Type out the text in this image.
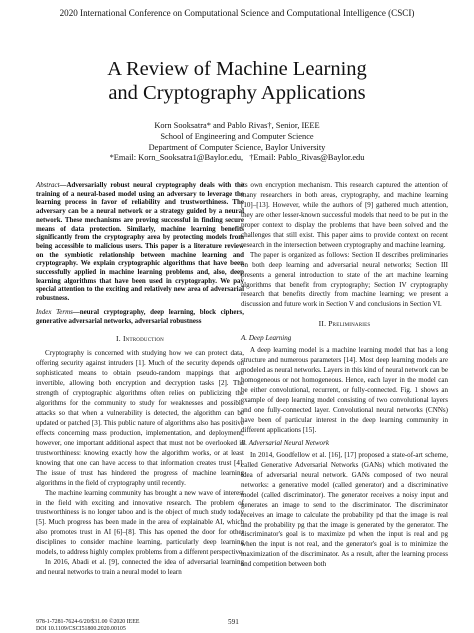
2020 International Conference on Computational Science and Computational Intelligence (CSCI)
A Review of Machine Learning
and Cryptography Applications
Korn Sooksatra* and Pablo Rivas†, Senior, IEEE
School of Engineering and Computer Science
Department of Computer Science, Baylor University
*Email: Korn_Sooksatra1@Baylor.edu, †Email: Pablo_Rivas@Baylor.edu

Abstract—Adversarially robust neural cryptography deals with the training of a neural-based model using an adversary to leverage the learning process in favor of reliability and trustworthiness. The adversary can be a neural network or a strategy guided by a neural network. These mechanisms are proving successful in finding secure means of data protection. Similarly, machine learning benefits significantly from the cryptography area by protecting models from being accessible to malicious users. This paper is a literature review on the symbiotic relationship between machine learning and cryptography. We explain cryptographic algorithms that have been successfully applied in machine learning problems and, also, deep learning algorithms that have been used in cryptography. We pay special attention to the exciting and relatively new area of adversarial robustness.

Index Terms—neural cryptography, deep learning, block ciphers, generative adversarial networks, adversarial robustness

I. Introduction

Cryptography is concerned with studying how we can protect data, offering security against intruders [1]. Much of the security depends on sophisticated means to obtain pseudo-random mappings that are invertible, allowing both encryption and decryption tasks [2]. The strength of cryptographic algorithms often relies on publicizing the algorithms for the community to study for weaknesses and possible attacks so that when a vulnerability is detected, the algorithm can be updated or patched [3]. This public nature of algorithms also has positive effects concerning mass production, implementation, and deployment; however, one important additional aspect that must not be overlooked is trustworthiness: knowing exactly how the algorithm works, or at least knowing that one can have access to that information creates trust [4]. The issue of trust has hindered the progress of machine learning algorithms in the field of cryptography until recently.

The machine learning community has brought a new wave of interest in the field with exciting and innovative research. The problem of trustworthiness is no longer taboo and is the object of much study today [5]. Much progress has been made in the area of explainable AI, which also promotes trust in AI [6]–[8]. This has opened the door for other disciplines to consider machine learning, particularly deep learning models, to address highly complex problems from a different perspective.

In 2016, Abadi et al. [9], connected the idea of adversarial learning and neural networks to train a neural model to learn

its own encryption mechanism. This research captured the attention of many researchers in both areas, cryptography, and machine learning [10]–[13]. However, while the authors of [9] gathered much attention, they are other lesser-known successful models that need to be put in the proper context to display the problems that have been solved and the challenges that still exist. This paper aims to provide context on recent research in the intersection between cryptography and machine learning.

The paper is organized as follows: Section II describes preliminaries on both deep learning and adversarial neural networks; Section III presents a general introduction to state of the art machine learning algorithms that benefit from cryptography; Section IV cryptography research that benefits directly from machine learning; we present a discussion and future work in Section V and conclusions in Section VI.

II. Preliminaries
A. Deep Learning

A deep learning model is a machine learning model that has a long structure and numerous parameters [14]. Most deep learning models are modeled as neural networks. Layers in this kind of neural network can be homogeneous or not homogeneous. Hence, each layer in the model can be either convolutional, recurrent, or fully-connected. Fig. 1 shows an example of deep learning model consisting of two convolutional layers and one fully-connected layer. Convolutional neural networks (CNNs) have been of particular interest in the deep learning community in different applications [15].

B. Adversarial Neural Network

In 2014, Goodfellow et al. [16], [17] proposed a state-of-art scheme, called Generative Adversarial Networks (GANs) which motivated the idea of adversarial neural network. GANs composed of two neural networks: a generative model (called generator) and a discriminative model (called discriminator). The generator receives a noisy input and generates an image to send to the discriminator. The discriminator receives an image to calculate the probability pd that the image is real and the probability pg that the image is generated by the generator. The discriminator's goal is to maximize pd when the input is real and pg when the input is not real, and the generator's goal is to minimize the maximization of the discriminator. As a result, after the learning process and competition between both

978-1-7281-7624-6/20/$31.00 ©2020 IEEE
DOI 10.1109/CSCI51800.2020.00105
591
